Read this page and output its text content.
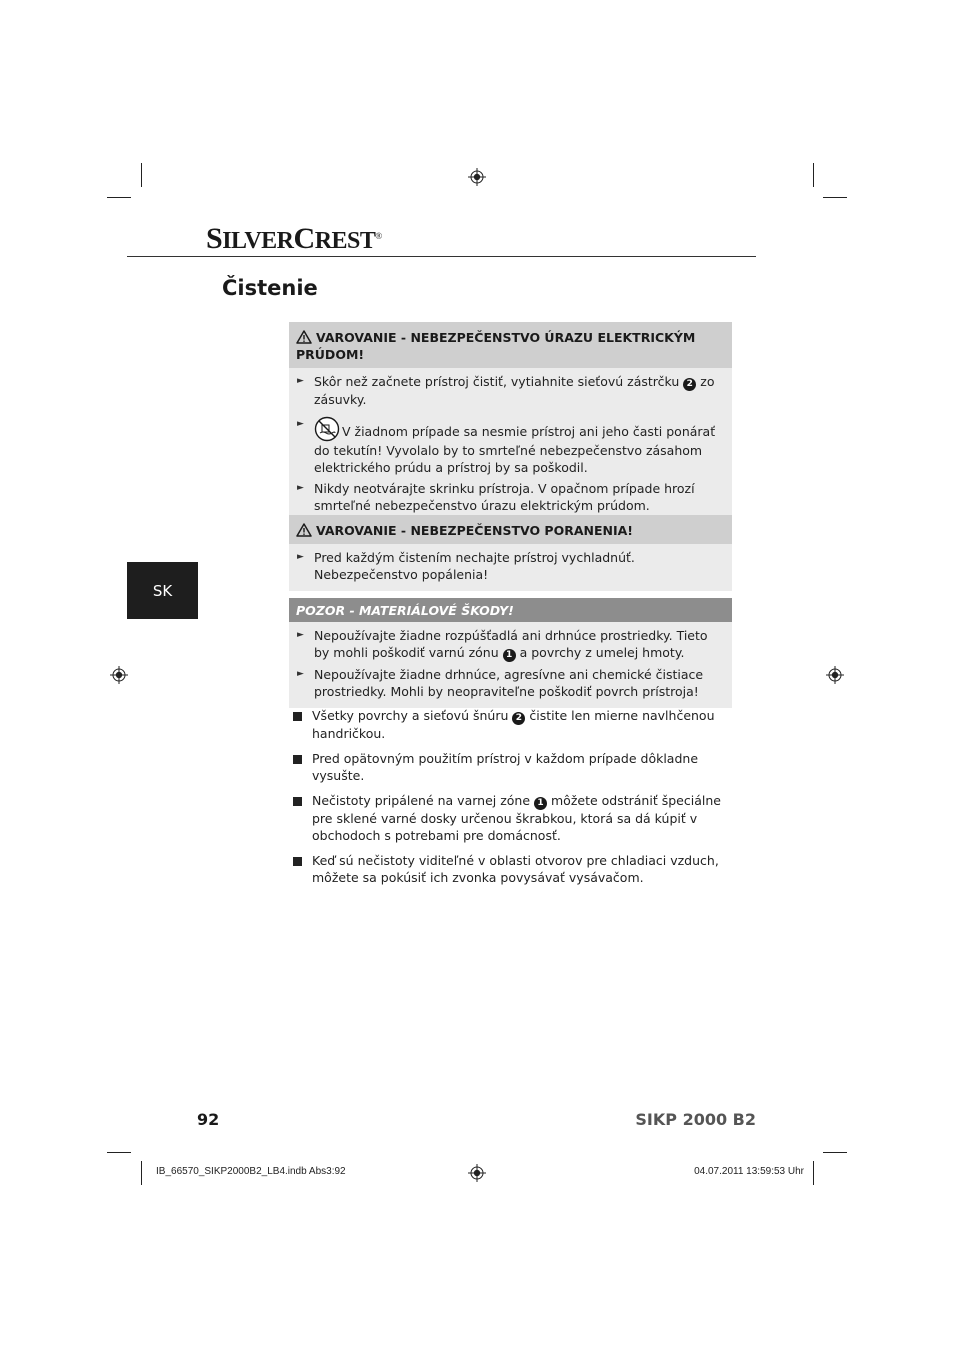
SILVERCREST®
Čistenie
SK
VAROVANIE - NEBEZPEČENSTVO ÚRAZU ELEKTRICKÝM PRÚDOM!
► Skôr než začnete prístroj čistiť, vytiahnite sieťovú zástrčku 2 zo zásuvky.
►	V žiadnom prípade sa nesmie prístroj ani jeho časti ponárať do tekutín! Vyvolalo by to smrteľné nebezpečenstvo zásahom elektrického prúdu a prístroj by sa poškodil.
► Nikdy neotvárajte skrinku prístroja. V opačnom prípade hrozí smrteľné nebezpečenstvo úrazu elektrickým prúdom.
VAROVANIE - NEBEZPEČENSTVO PORANENIA!
► Pred každým čistením nechajte prístroj vychladnúť. Nebezpečenstvo popálenia!
POZOR - MATERIÁLOVÉ ŠKODY!
► Nepoužívajte žiadne rozpúšťadlá ani drhnúce prostriedky. Tieto by mohli poškodiť varnú zónu 1 a povrchy z umelej hmoty.
► Nepoužívajte žiadne drhnúce, agresívne ani chemické čistiace prostriedky. Mohli by neopraviteľne poškodiť povrch prístroja!
Všetky povrchy a sieťovú šnúru 2 čistite len mierne navlhčenou handričkou.
Pred opätovným použitím prístroj v každom prípade dôkladne vysušte.
Nečistoty pripálené na varnej zóne 1 môžete odstrániť špeciálne pre sklené varné dosky určenou škrabkou, ktorá sa dá kúpiť v obchodoch s potrebami pre domácnosť.
Keď sú nečistoty viditeľné v oblasti otvorov pre chladiaci vzduch, môžete sa pokúsiť ich zvonka povysávať vysávačom.
92	SIKP 2000 B2
IB_66570_SIKP2000B2_LB4.indb Abs3:92	04.07.2011 13:59:53 Uhr
